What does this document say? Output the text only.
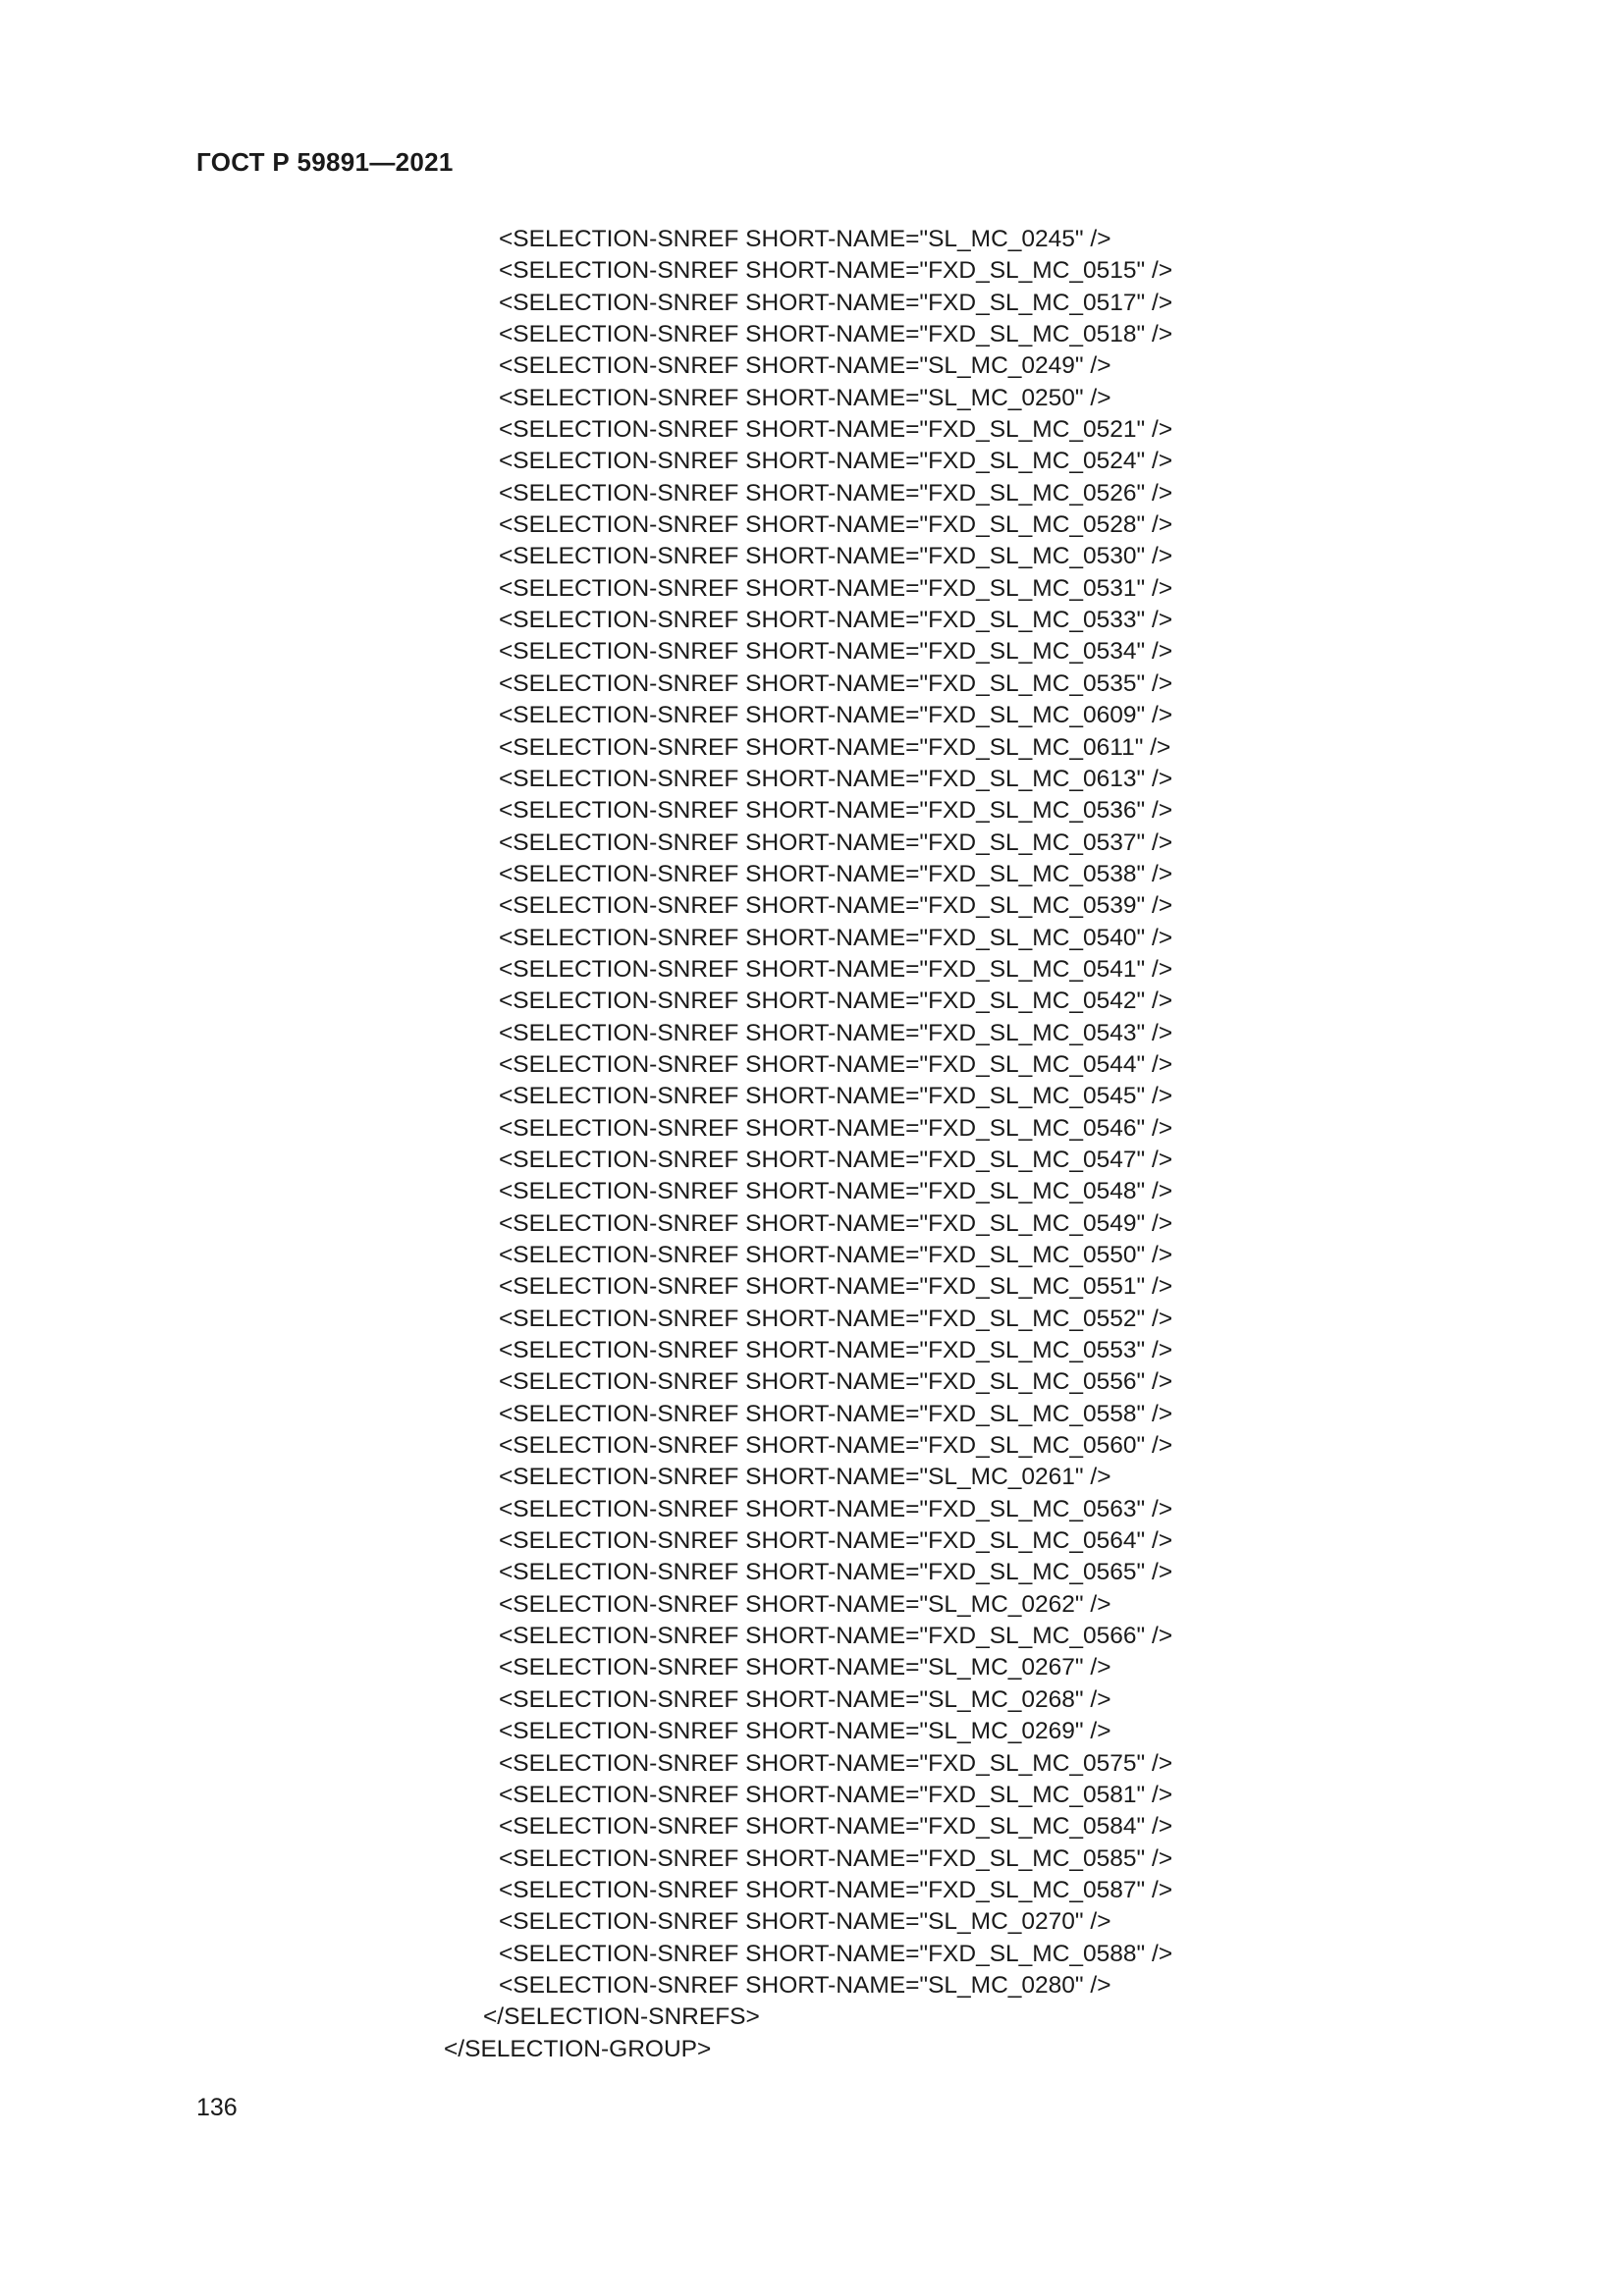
ГОСТ Р 59891—2021
<SELECTION-SNREF SHORT-NAME="SL_MC_0245" />
<SELECTION-SNREF SHORT-NAME="FXD_SL_MC_0515" />
<SELECTION-SNREF SHORT-NAME="FXD_SL_MC_0517" />
<SELECTION-SNREF SHORT-NAME="FXD_SL_MC_0518" />
<SELECTION-SNREF SHORT-NAME="SL_MC_0249" />
<SELECTION-SNREF SHORT-NAME="SL_MC_0250" />
<SELECTION-SNREF SHORT-NAME="FXD_SL_MC_0521" />
<SELECTION-SNREF SHORT-NAME="FXD_SL_MC_0524" />
<SELECTION-SNREF SHORT-NAME="FXD_SL_MC_0526" />
<SELECTION-SNREF SHORT-NAME="FXD_SL_MC_0528" />
<SELECTION-SNREF SHORT-NAME="FXD_SL_MC_0530" />
<SELECTION-SNREF SHORT-NAME="FXD_SL_MC_0531" />
<SELECTION-SNREF SHORT-NAME="FXD_SL_MC_0533" />
<SELECTION-SNREF SHORT-NAME="FXD_SL_MC_0534" />
<SELECTION-SNREF SHORT-NAME="FXD_SL_MC_0535" />
<SELECTION-SNREF SHORT-NAME="FXD_SL_MC_0609" />
<SELECTION-SNREF SHORT-NAME="FXD_SL_MC_0611" />
<SELECTION-SNREF SHORT-NAME="FXD_SL_MC_0613" />
<SELECTION-SNREF SHORT-NAME="FXD_SL_MC_0536" />
<SELECTION-SNREF SHORT-NAME="FXD_SL_MC_0537" />
<SELECTION-SNREF SHORT-NAME="FXD_SL_MC_0538" />
<SELECTION-SNREF SHORT-NAME="FXD_SL_MC_0539" />
<SELECTION-SNREF SHORT-NAME="FXD_SL_MC_0540" />
<SELECTION-SNREF SHORT-NAME="FXD_SL_MC_0541" />
<SELECTION-SNREF SHORT-NAME="FXD_SL_MC_0542" />
<SELECTION-SNREF SHORT-NAME="FXD_SL_MC_0543" />
<SELECTION-SNREF SHORT-NAME="FXD_SL_MC_0544" />
<SELECTION-SNREF SHORT-NAME="FXD_SL_MC_0545" />
<SELECTION-SNREF SHORT-NAME="FXD_SL_MC_0546" />
<SELECTION-SNREF SHORT-NAME="FXD_SL_MC_0547" />
<SELECTION-SNREF SHORT-NAME="FXD_SL_MC_0548" />
<SELECTION-SNREF SHORT-NAME="FXD_SL_MC_0549" />
<SELECTION-SNREF SHORT-NAME="FXD_SL_MC_0550" />
<SELECTION-SNREF SHORT-NAME="FXD_SL_MC_0551" />
<SELECTION-SNREF SHORT-NAME="FXD_SL_MC_0552" />
<SELECTION-SNREF SHORT-NAME="FXD_SL_MC_0553" />
<SELECTION-SNREF SHORT-NAME="FXD_SL_MC_0556" />
<SELECTION-SNREF SHORT-NAME="FXD_SL_MC_0558" />
<SELECTION-SNREF SHORT-NAME="FXD_SL_MC_0560" />
<SELECTION-SNREF SHORT-NAME="SL_MC_0261" />
<SELECTION-SNREF SHORT-NAME="FXD_SL_MC_0563" />
<SELECTION-SNREF SHORT-NAME="FXD_SL_MC_0564" />
<SELECTION-SNREF SHORT-NAME="FXD_SL_MC_0565" />
<SELECTION-SNREF SHORT-NAME="SL_MC_0262" />
<SELECTION-SNREF SHORT-NAME="FXD_SL_MC_0566" />
<SELECTION-SNREF SHORT-NAME="SL_MC_0267" />
<SELECTION-SNREF SHORT-NAME="SL_MC_0268" />
<SELECTION-SNREF SHORT-NAME="SL_MC_0269" />
<SELECTION-SNREF SHORT-NAME="FXD_SL_MC_0575" />
<SELECTION-SNREF SHORT-NAME="FXD_SL_MC_0581" />
<SELECTION-SNREF SHORT-NAME="FXD_SL_MC_0584" />
<SELECTION-SNREF SHORT-NAME="FXD_SL_MC_0585" />
<SELECTION-SNREF SHORT-NAME="FXD_SL_MC_0587" />
<SELECTION-SNREF SHORT-NAME="SL_MC_0270" />
<SELECTION-SNREF SHORT-NAME="FXD_SL_MC_0588" />
<SELECTION-SNREF SHORT-NAME="SL_MC_0280" />
</SELECTION-SNREFS>
</SELECTION-GROUP>
136
